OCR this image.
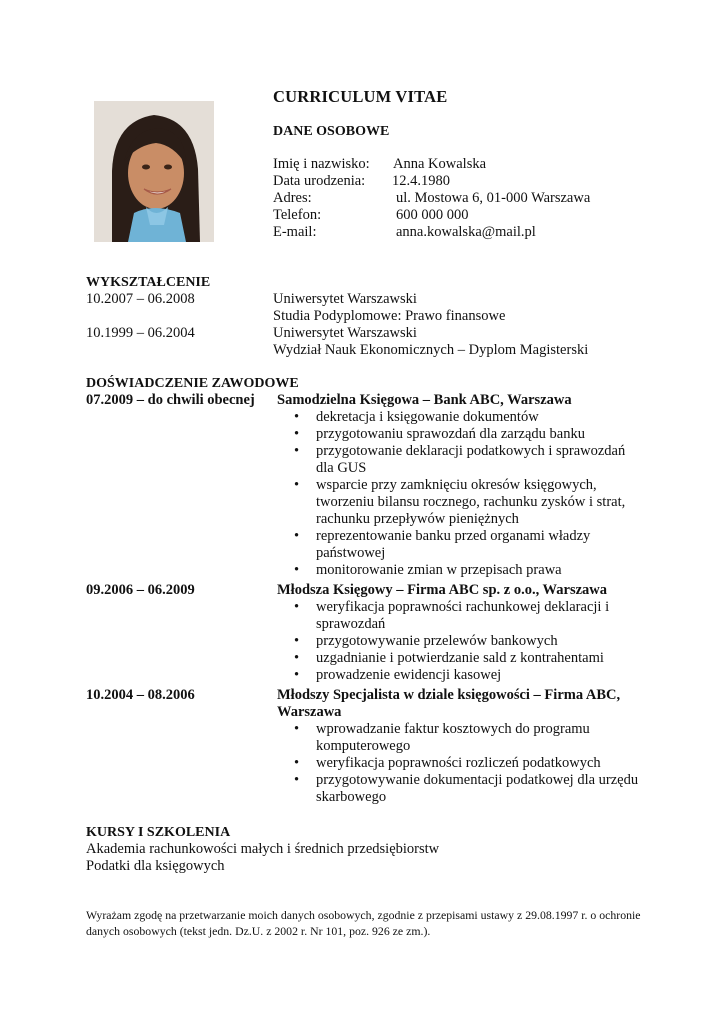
CURRICULUM VITAE
DANE OSOBOWE
Imię i nazwisko: Anna Kowalska
Data urodzenia: 12.4.1980
Adres:	ul. Mostowa 6, 01-000 Warszawa
Telefon:	600 000 000
E-mail:	anna.kowalska@mail.pl
WYKSZTAŁCENIE
10.2007 – 06.2008	Uniwersytet Warszawski
Studia Podyplomowe: Prawo finansowe
10.1999 – 06.2004	Uniwersytet Warszawski
Wydział Nauk Ekonomicznych – Dyplom Magisterski
DOŚWIADCZENIE ZAWODOWE
07.2009 – do chwili obecnej Samodzielna Księgowa – Bank ABC, Warszawa
• dekretacja i księgowanie dokumentów
• przygotowaniu sprawozdań dla zarządu banku
• przygotowanie deklaracji podatkowych i sprawozdań dla GUS
• wsparcie przy zamknięciu okresów księgowych, tworzeniu bilansu rocznego, rachunku zysków i strat, rachunku przepływów pieniężnych
• reprezentowanie banku przed organami władzy państwowej
• monitorowanie zmian w przepisach prawa
09.2006 – 06.2009	Młodsza Księgowy – Firma ABC sp. z o.o., Warszawa
• weryfikacja poprawności rachunkowej deklaracji i sprawozdań
• przygotowywanie przelewów bankowych
• uzgadnianie i potwierdzanie sald z kontrahentami
• prowadzenie ewidencji kasowej
10.2004 – 08.2006	Młodszy Specjalista w dziale księgowości – Firma ABC,
Warszawa
• wprowadzanie faktur kosztowych do programu komputerowego
• weryfikacja poprawności rozliczeń podatkowych
• przygotowywanie dokumentacji podatkowej dla urzędu skarbowego
KURSY I SZKOLENIA
Akademia rachunkowości małych i średnich przedsiębiorstw
Podatki dla księgowych
Wyrażam zgodę na przetwarzanie moich danych osobowych, zgodnie z przepisami ustawy z 29.08.1997 r. o ochronie danych osobowych (tekst jedn. Dz.U. z 2002 r. Nr 101, poz. 926 ze zm.).
